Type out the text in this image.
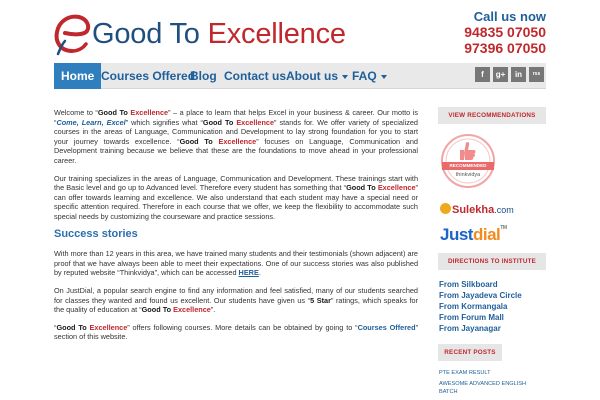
Good To Excellence
Call us now
94835 07050
97396 07050
Home Courses Offered
Blog Contact us About us	FAQ	f	g+	in	rss

Welcome to “Good To Excellence” – a place to learn that helps Excel in your business & career. Our motto is “Come, Learn, Excel” which signifies what “Good To Excellence” stands for. We offer variety of specialized courses in the areas of Language, Communication and Development to lay strong foundation for you to start your journey towards excellence. “Good To Excellence” focuses on Language, Communication and Development training because we believe that these are the foundations to move ahead in your professional career.

Our training specializes in the areas of Language, Communication and Development. These trainings start with the Basic level and go up to Advanced level. Therefore every student has something that “Good To Excellence” can offer towards learning and excellence. We also understand that each student may have a special need or specific attention required. Therefore in each course that we offer, we keep the flexibility to accommodate such special needs by customizing the courseware and practice sessions.

Success stories

With more than 12 years in this area, we have trained many students and their testimonials (shown adjacent) are proof that we have always been able to meet their expectations. One of our success stories was also published by reputed website “Thinkvidya”, which can be accessed HERE.

On JustDial, a popular search engine to find any information and feel satisfied, many of our students searched for classes they wanted and found us excellent. Our students have given us “5 Star” ratings, which speaks for the quality of education at “Good To Excellence”.

“Good To Excellence” offers following courses. More details can be obtained by going to “Courses Offered” section of this website.

VIEW RECOMMENDATIONS
RECOMMENDED
thinkvidya
Sulekha.com
Justdial™
DIRECTIONS TO INSTITUTE
From Silkboard
From Jayadeva Circle
From Kormangala
From Forum Mall
From Jayanagar
RECENT POSTS
PTE EXAM RESULT
AWESOME ADVANCED ENGLISH
BATCH
